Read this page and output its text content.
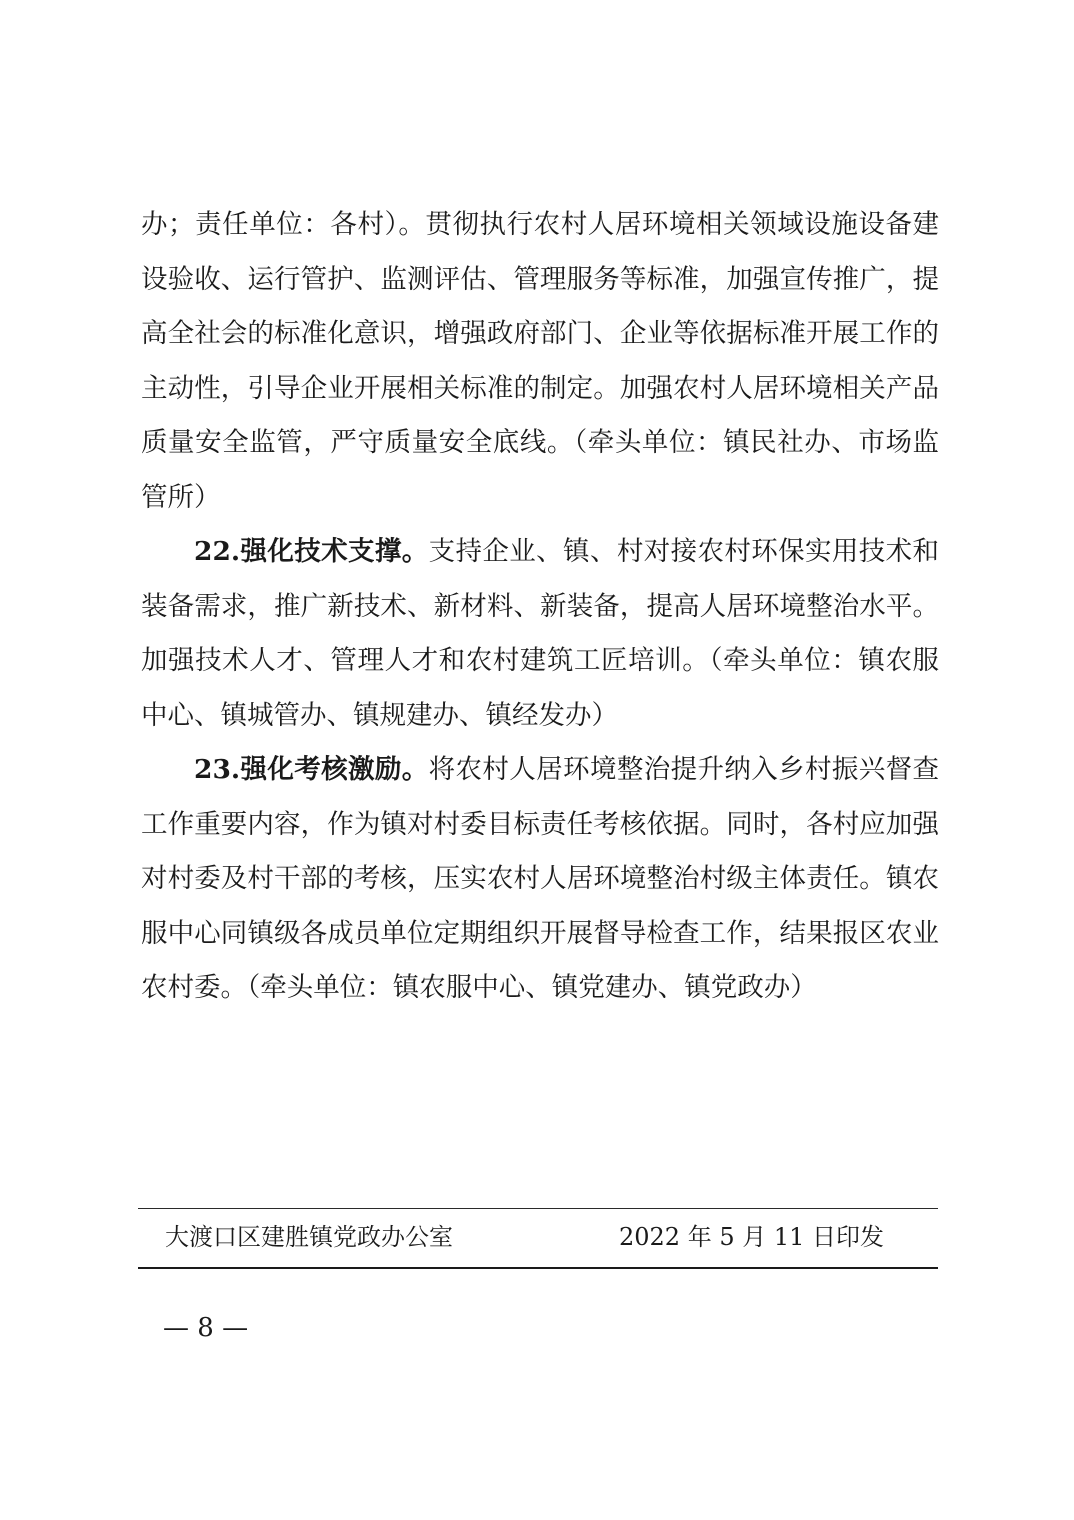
办；责任单位：各村）。贯彻执行农村人居环境相关领域设施设备建设验收、运行管护、监测评估、管理服务等标准，加强宣传推广，提高全社会的标准化意识，增强政府部门、企业等依据标准开展工作的主动性，引导企业开展相关标准的制定。加强农村人居环境相关产品质量安全监管，严守质量安全底线。（牵头单位：镇民社办、市场监管所）

22.强化技术支撑。支持企业、镇、村对接农村环保实用技术和装备需求，推广新技术、新材料、新装备，提高人居环境整治水平。加强技术人才、管理人才和农村建筑工匠培训。（牵头单位：镇农服中心、镇城管办、镇规建办、镇经发办）

23.强化考核激励。将农村人居环境整治提升纳入乡村振兴督查工作重要内容，作为镇对村委目标责任考核依据。同时，各村应加强对村委及村干部的考核，压实农村人居环境整治村级主体责任。镇农服中心同镇级各成员单位定期组织开展督导检查工作，结果报区农业农村委。（牵头单位：镇农服中心、镇党建办、镇党政办）

大渡口区建胜镇党政办公室	2022 年 5 月 11 日印发
— 8 —
